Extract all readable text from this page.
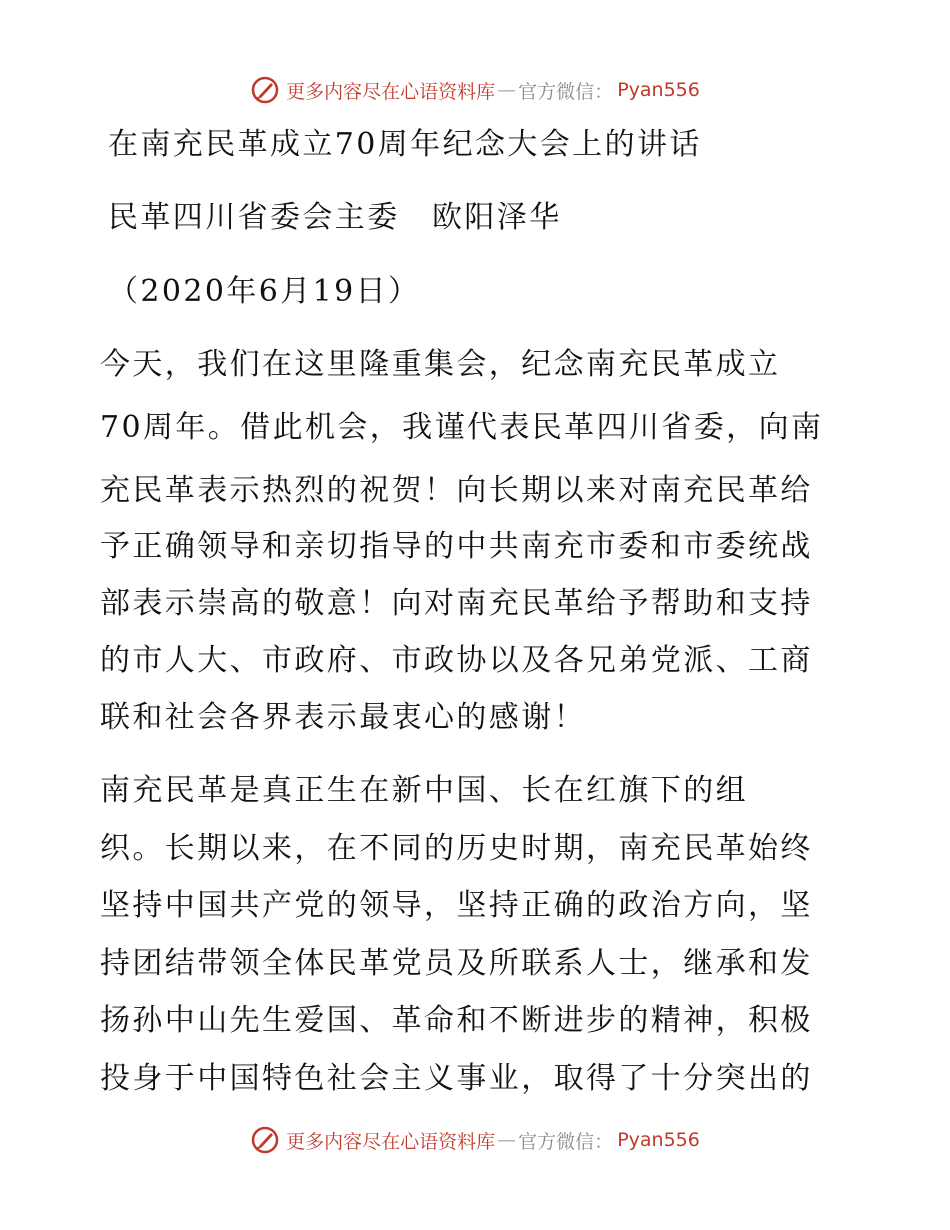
更多内容尽在心语资料库 — 官方微信： Pyan556
在南充民革成立70周年纪念大会上的讲话
民革四川省委会主委　欧阳泽华
（2020年6月19日）
今天，我们在这里隆重集会，纪念南充民革成立
70周年。借此机会，我谨代表民革四川省委，向南
充民革表示热烈的祝贺！向长期以来对南充民革给
予正确领导和亲切指导的中共南充市委和市委统战
部表示崇高的敬意！向对南充民革给予帮助和支持
的市人大、市政府、市政协以及各兄弟党派、工商
联和社会各界表示最衷心的感谢！
南充民革是真正生在新中国、长在红旗下的组
织。长期以来，在不同的历史时期，南充民革始终
坚持中国共产党的领导，坚持正确的政治方向，坚
持团结带领全体民革党员及所联系人士，继承和发
扬孙中山先生爱国、革命和不断进步的精神，积极
投身于中国特色社会主义事业，取得了十分突出的
更多内容尽在心语资料库 — 官方微信： Pyan556
